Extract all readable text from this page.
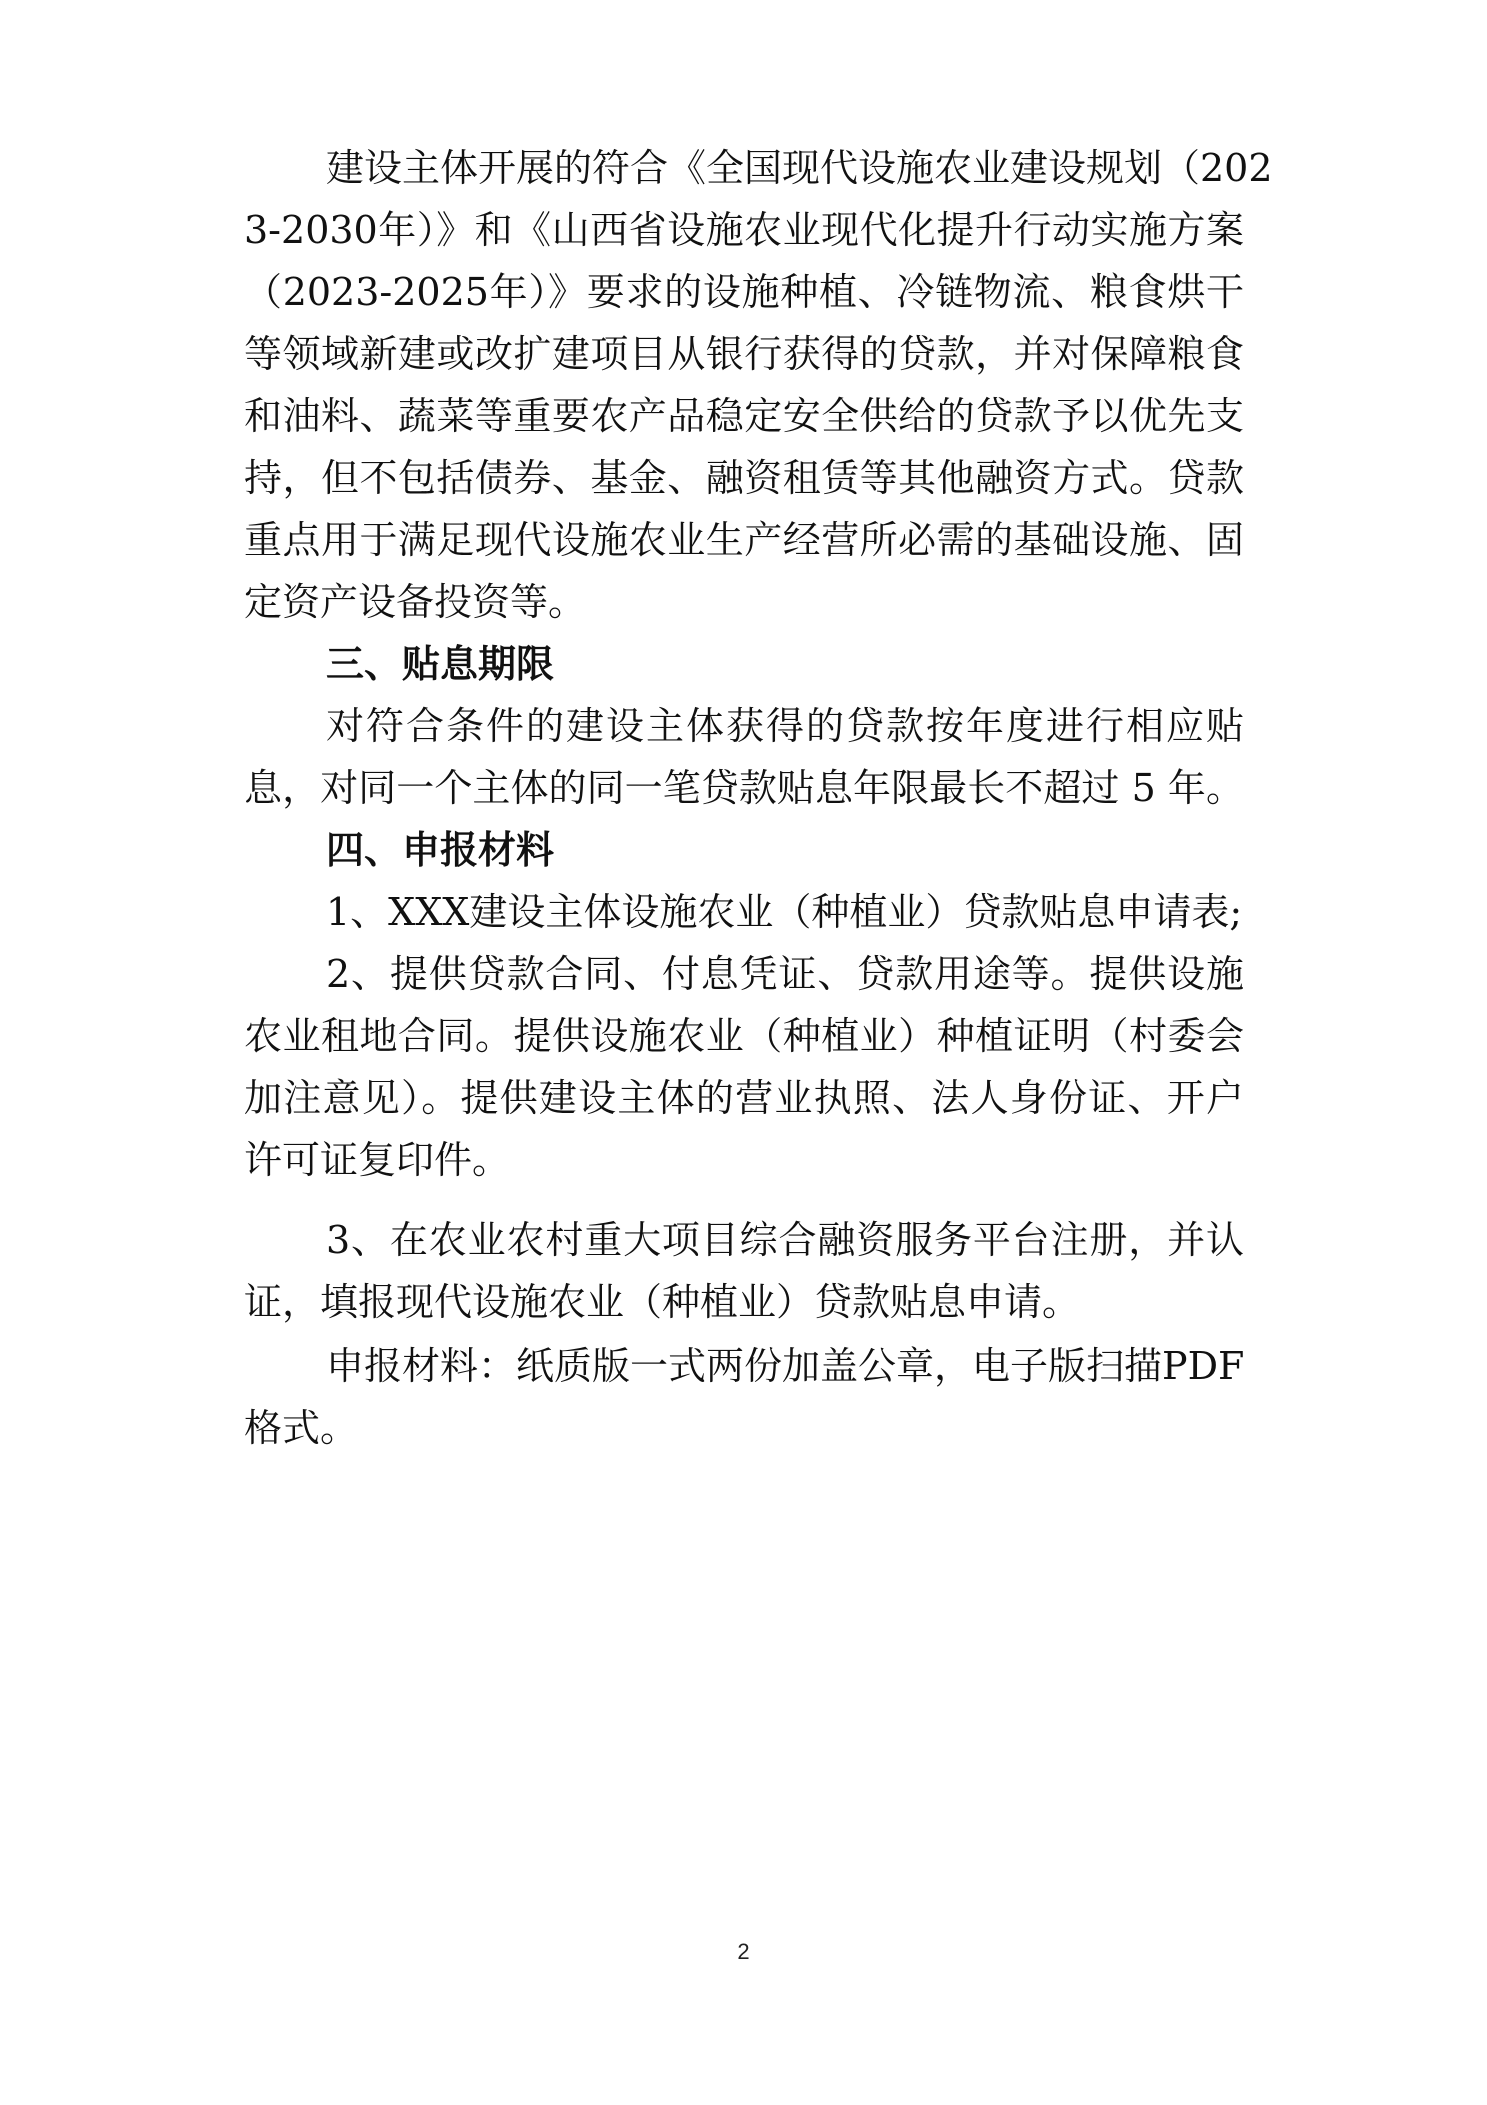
建设主体开展的符合《全国现代设施农业建设规划（202
3-2030年）》和《山西省设施农业现代化提升行动实施方案
（2023-2025年）》要求的设施种植、冷链物流、粮食烘干
等领域新建或改扩建项目从银行获得的贷款，并对保障粮食
和油料、蔬菜等重要农产品稳定安全供给的贷款予以优先支
持，但不包括债券、基金、融资租赁等其他融资方式。贷款
重点用于满足现代设施农业生产经营所必需的基础设施、固
定资产设备投资等。
三、贴息期限
对符合条件的建设主体获得的贷款按年度进行相应贴
息，对同一个主体的同一笔贷款贴息年限最长不超过 5 年。
四、申报材料
1、XXX建设主体设施农业（种植业）贷款贴息申请表;
2、提供贷款合同、付息凭证、贷款用途等。提供设施
农业租地合同。提供设施农业（种植业）种植证明（村委会
加注意见）。提供建设主体的营业执照、法人身份证、开户
许可证复印件。
3、在农业农村重大项目综合融资服务平台注册，并认
证，填报现代设施农业（种植业）贷款贴息申请。
申报材料：纸质版一式两份加盖公章，电子版扫描PDF
格式。
2
